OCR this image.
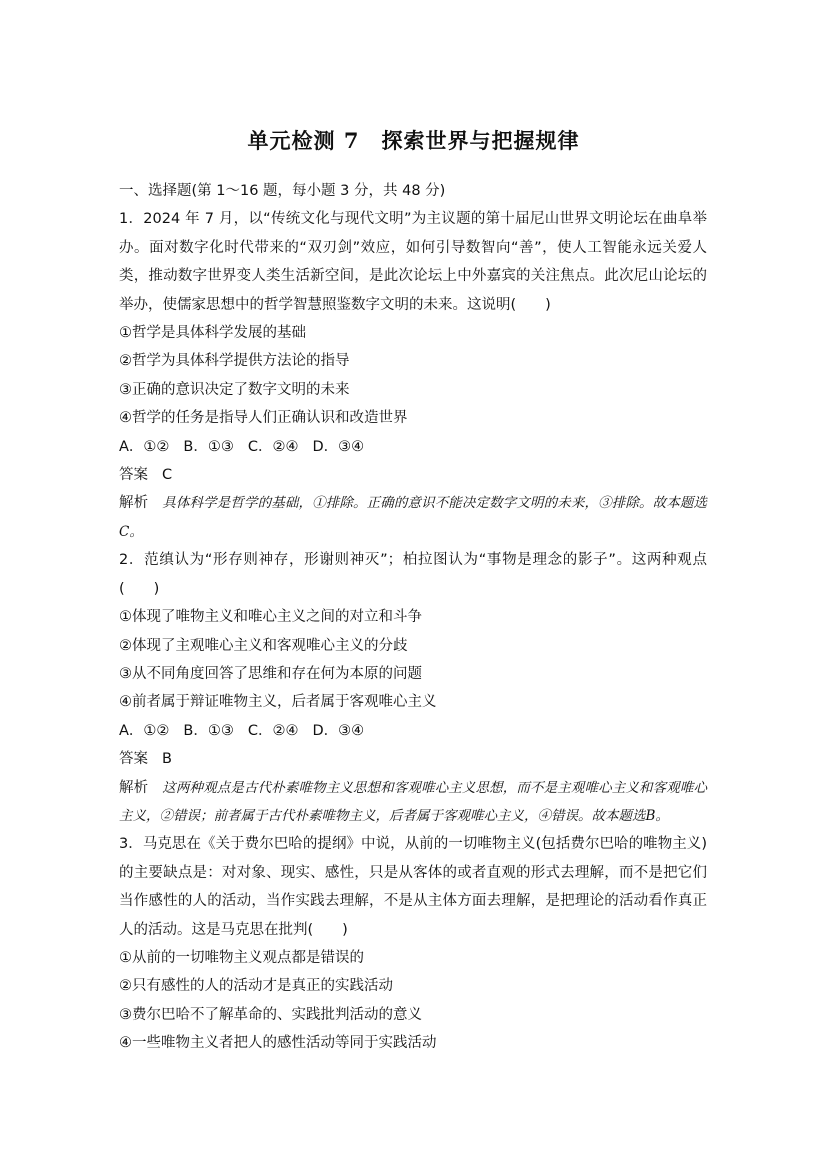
单元检测 7　探索世界与把握规律
一、选择题(第 1～16 题，每小题 3 分，共 48 分)
1．2024 年 7 月，以“传统文化与现代文明”为主议题的第十届尼山世界文明论坛在曲阜举办。面对数字化时代带来的“双刃剑”效应，如何引导数智向“善”，使人工智能永远关爱人类，推动数字世界变人类生活新空间，是此次论坛上中外嘉宾的关注焦点。此次尼山论坛的举办，使儒家思想中的哲学智慧照鉴数字文明的未来。这说明(　　)
①哲学是具体科学发展的基础
②哲学为具体科学提供方法论的指导
③正确的意识决定了数字文明的未来
④哲学的任务是指导人们正确认识和改造世界
A．①② B．①③ C．②④ D．③④
答案 C
解析 具体科学是哲学的基础，①排除。正确的意识不能决定数字文明的未来，③排除。故本题选C。
2．范缜认为“形存则神存，形谢则神灭”；柏拉图认为“事物是理念的影子”。这两种观点(　　)
①体现了唯物主义和唯心主义之间的对立和斗争
②体现了主观唯心主义和客观唯心主义的分歧
③从不同角度回答了思维和存在何为本原的问题
④前者属于辩证唯物主义，后者属于客观唯心主义
A．①② B．①③ C．②④ D．③④
答案 B
解析 这两种观点是古代朴素唯物主义思想和客观唯心主义思想，而不是主观唯心主义和客观唯心主义，②错误；前者属于古代朴素唯物主义，后者属于客观唯心主义，④错误。故本题选B。
3．马克思在《关于费尔巴哈的提纲》中说，从前的一切唯物主义(包括费尔巴哈的唯物主义)的主要缺点是：对对象、现实、感性，只是从客体的或者直观的形式去理解，而不是把它们当作感性的人的活动，当作实践去理解，不是从主体方面去理解，是把理论的活动看作真正人的活动。这是马克思在批判(　　)
①从前的一切唯物主义观点都是错误的
②只有感性的人的活动才是真正的实践活动
③费尔巴哈不了解革命的、实践批判活动的意义
④一些唯物主义者把人的感性活动等同于实践活动
